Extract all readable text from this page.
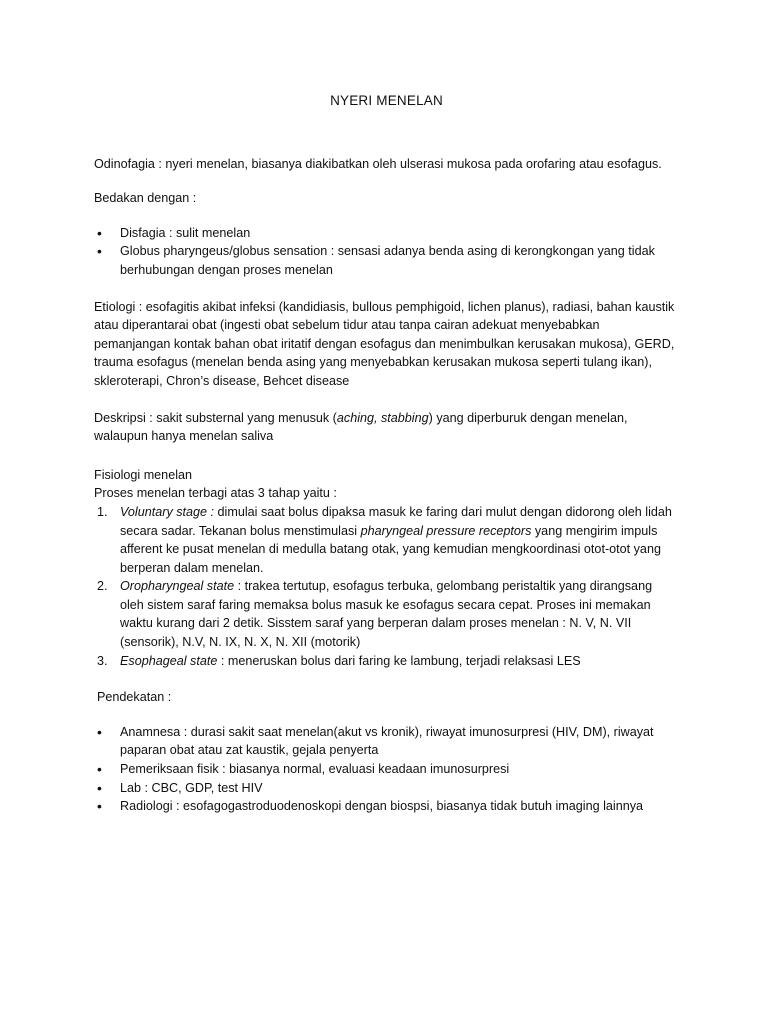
NYERI MENELAN

Odinofagia : nyeri menelan, biasanya diakibatkan oleh ulserasi mukosa pada orofaring atau esofagus.

Bedakan dengan :

• Disfagia : sulit menelan
• Globus pharyngeus/globus sensation : sensasi adanya benda asing di kerongkongan yang tidak berhubungan dengan proses menelan

Etiologi : esofagitis akibat infeksi (kandidiasis, bullous pemphigoid, lichen planus), radiasi, bahan kaustik atau diperantarai obat (ingesti obat sebelum tidur atau tanpa cairan adekuat menyebabkan pemanjangan kontak bahan obat iritatif dengan esofagus dan menimbulkan kerusakan mukosa), GERD, trauma esofagus (menelan benda asing yang menyebabkan kerusakan mukosa seperti tulang ikan), skleroterapi, Chron’s disease, Behcet disease

Deskripsi : sakit substernal yang menusuk (aching, stabbing) yang diperburuk dengan menelan, walaupun hanya menelan saliva

Fisiologi menelan

Proses menelan terbagi atas 3 tahap yaitu :

1. Voluntary stage : dimulai saat bolus dipaksa masuk ke faring dari mulut dengan didorong oleh lidah secara sadar. Tekanan bolus menstimulasi pharyngeal pressure receptors yang mengirim impuls afferent ke pusat menelan di medulla batang otak, yang kemudian mengkoordinasi otot-otot yang berperan dalam menelan.
2. Oropharyngeal state : trakea tertutup, esofagus terbuka, gelombang peristaltik yang dirangsang oleh sistem saraf faring memaksa bolus masuk ke esofagus secara cepat. Proses ini memakan waktu kurang dari 2 detik. Sisstem saraf yang berperan dalam proses menelan : N. V, N. VII (sensorik), N.V, N. IX, N. X, N. XII (motorik)
3. Esophageal state : meneruskan bolus dari faring ke lambung, terjadi relaksasi LES

Pendekatan :

• Anamnesa : durasi sakit saat menelan(akut vs kronik), riwayat imunosurpresi (HIV, DM), riwayat paparan obat atau zat kaustik, gejala penyerta
• Pemeriksaan fisik : biasanya normal, evaluasi keadaan imunosurpresi
• Lab : CBC, GDP, test HIV
• Radiologi : esofagogastroduodenoskopi dengan biospsi, biasanya tidak butuh imaging lainnya
